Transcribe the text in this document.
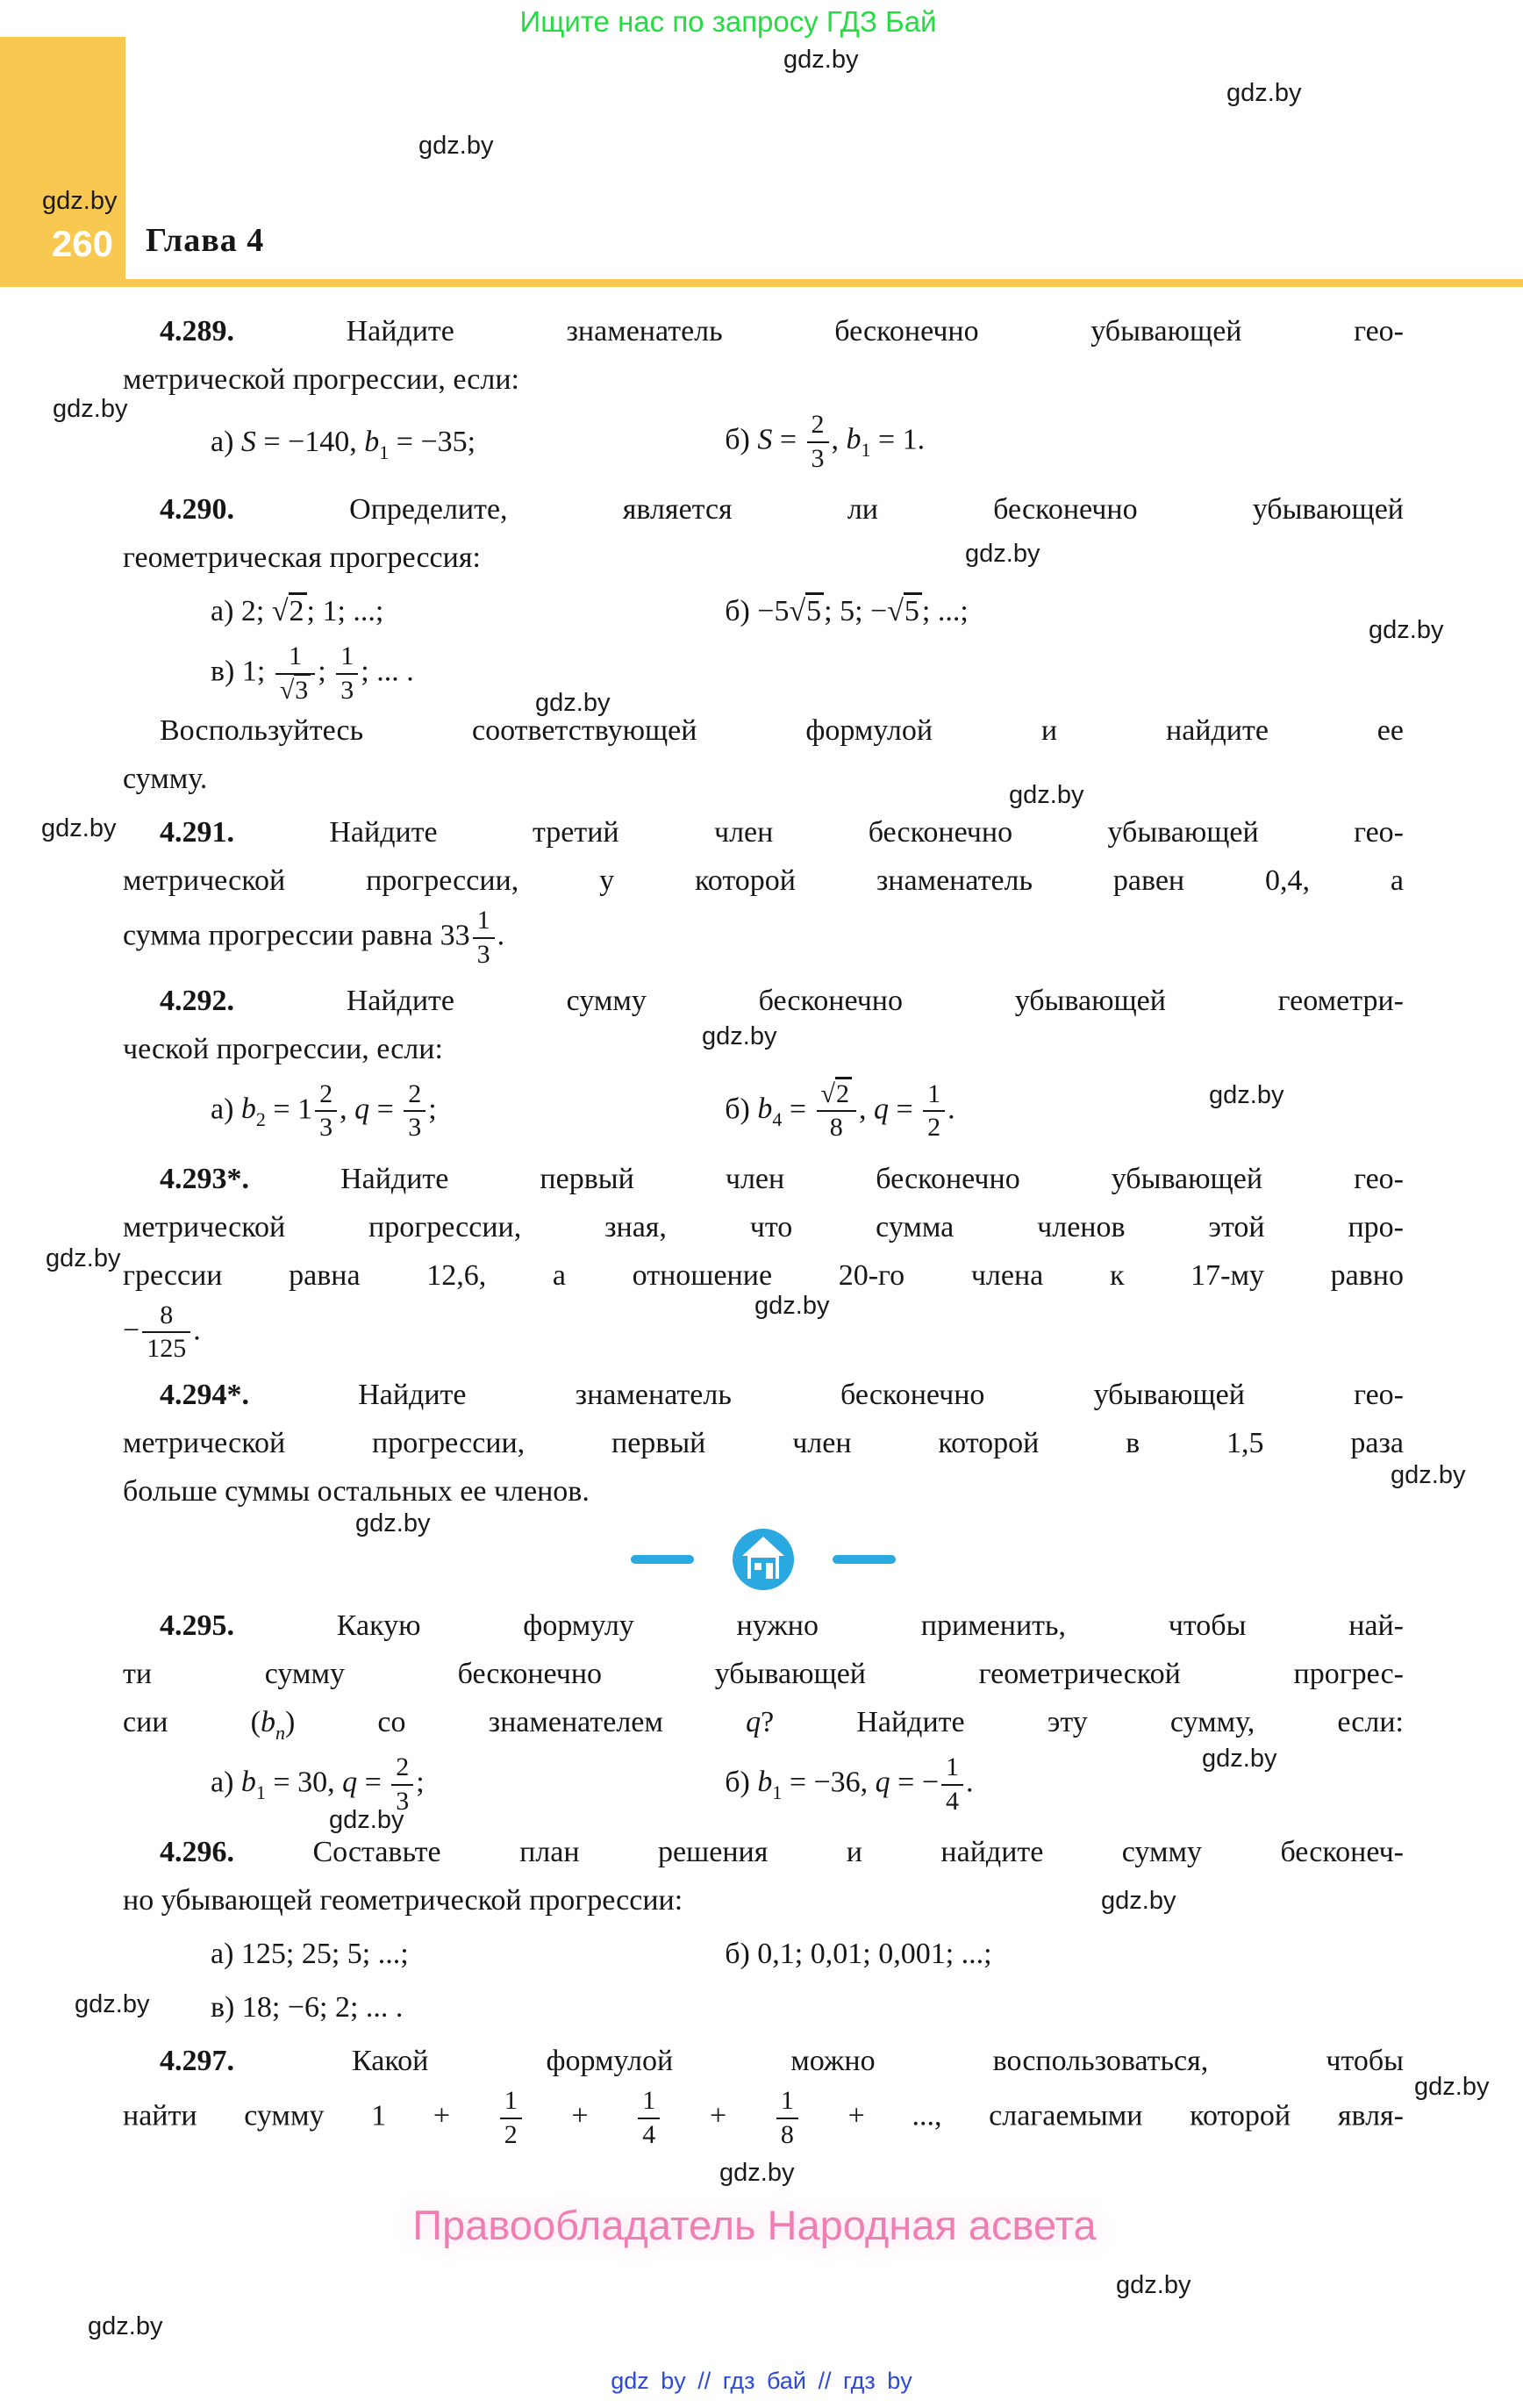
Ищите нас по запросу ГДЗ Бай
260 Глава 4
4.289. Найдите знаменатель бесконечно убывающей гео-
метрической прогрессии, если:
а) S = −140, $b_1 = -35$;	б) $S = \frac{2}{3}$ , $b_1 = 1$.
4.290. Определите, является ли бесконечно убывающей
геометрическая прогрессия:
а) 2; √2; 1; ...;	б) −5√5; 5; −√5; ...;
в) 1; $\frac{1}{√3}$ ; $\frac{1}{3}$ ; ... .
Воспользуйтесь соответствующей формулой и найдите ее
сумму.
4.291. Найдите третий член бесконечно убывающей гео-
метрической прогрессии, у которой знаменатель равен 0,4, а
сумма прогрессии равна $33 \frac{1}{3}$ .
4.292. Найдите сумму бесконечно убывающей геометри-
ческой прогрессии, если:
а) $b_2 = 1 \frac{2}{3}$ , $q = \frac{2}{3}$ ;	б) $b_4 = \frac{√2}{8}$ , $q = \frac{1}{2}$ .
4.293*. Найдите первый член бесконечно убывающей гео-
метрической прогрессии, зная, что сумма членов этой про-
грессии равна 12,6, а отношение 20-го члена к 17-му равно
− $\frac{8}{125}$ .
4.294*. Найдите знаменатель бесконечно убывающей гео-
метрической прогрессии, первый член которой в 1,5 раза
больше суммы остальных ее членов.
4.295. Какую формулу нужно применить, чтобы най-
ти сумму бесконечно убывающей геометрической прогрес-
сии $(b_n)$ со знаменателем q? Найдите эту сумму, если:
а) $b_1 = 30$, $q = \frac{2}{3}$ ;	б) $b_1 = -36$, q = − $\frac{1}{4}$ .
4.296. Составьте план решения и найдите сумму бесконеч-
но убывающей геометрической прогрессии:
а) 125; 25; 5; ...;	б) 0,1; 0,01; 0,001; ...;
в) 18; −6; 2; ... .
4.297. Какой формулой можно воспользоваться, чтобы
найти сумму $1 + \frac{1}{2} + \frac{1}{4} + \frac{1}{8}$ + ..., слагаемыми которой явля-
Правообладатель Народная асвета
gdz by // гдз бай // гдз by
gdz.by
gdz.by
gdz.by
gdz.by
gdz.by
gdz.by
gdz.by
gdz.by
gdz.by
gdz.by
gdz.by
gdz.by
gdz.by
gdz.by
gdz.by
gdz.by
gdz.by
gdz.by
gdz.by
gdz.by
gdz.by
gdz.by
gdz.by
gdz.by
